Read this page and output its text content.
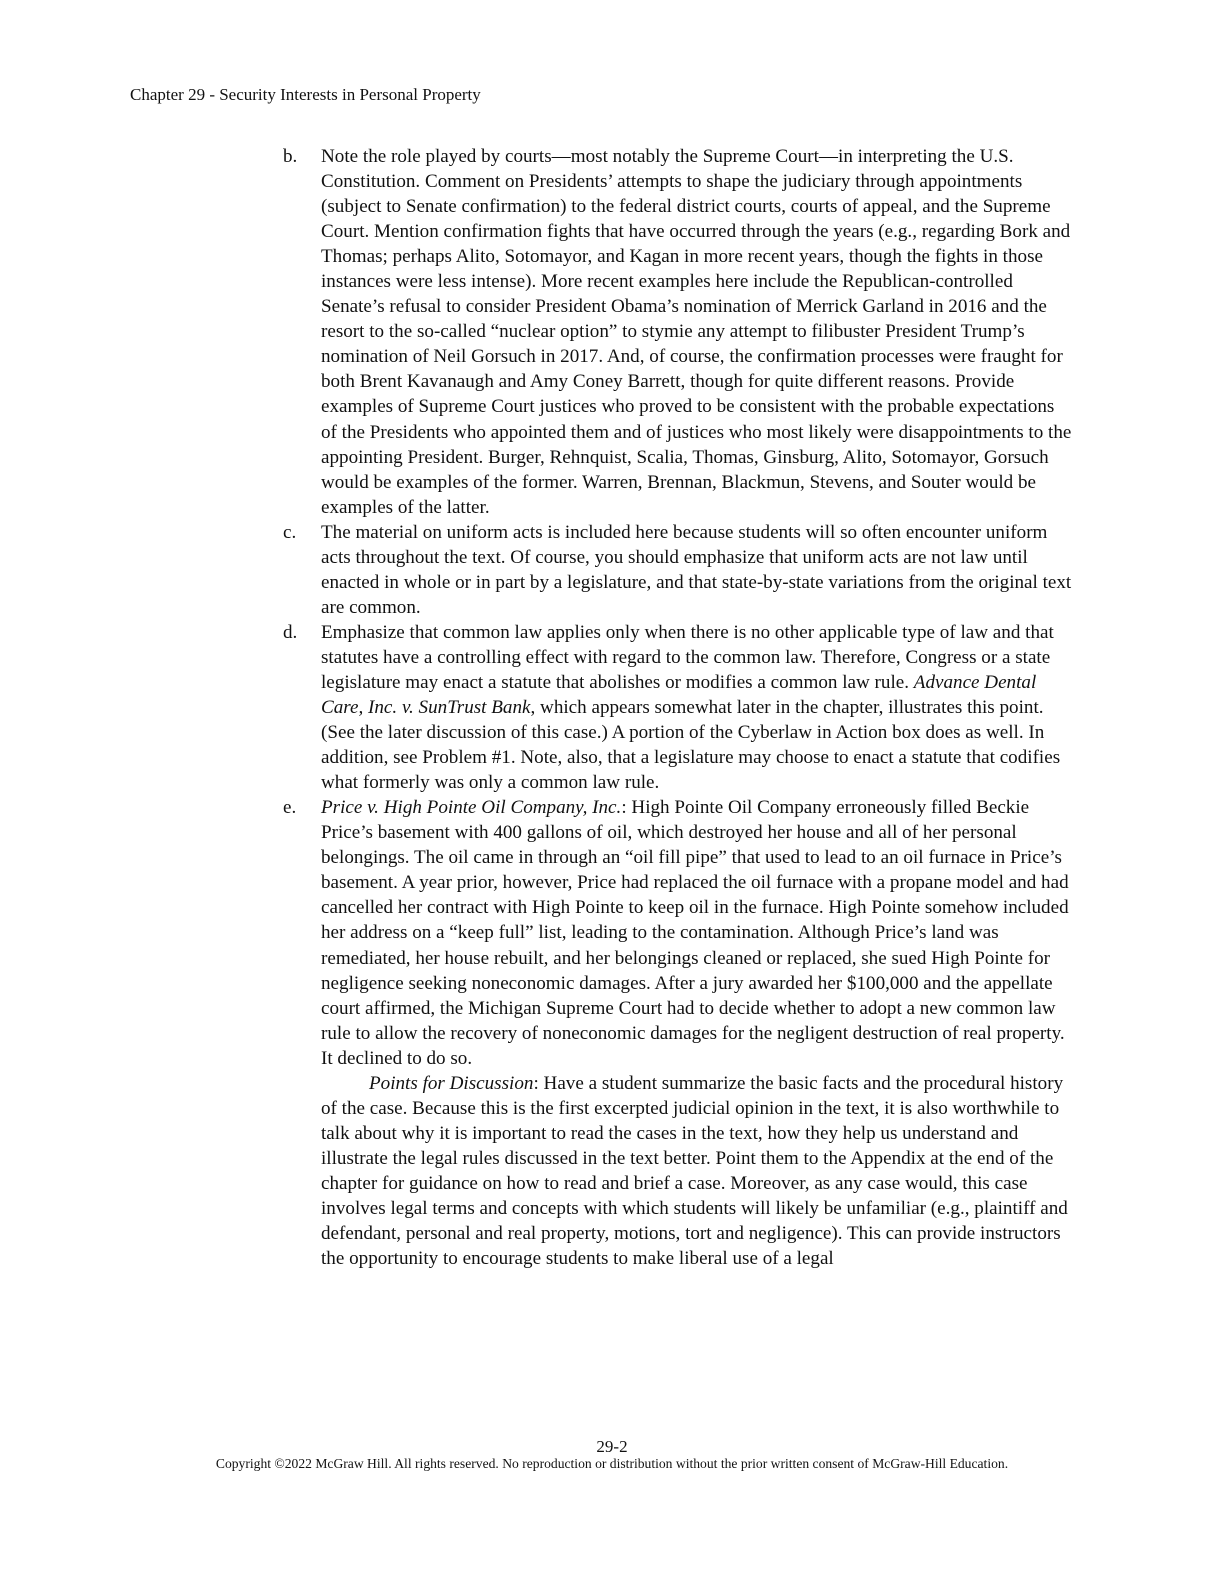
Chapter 29 - Security Interests in Personal Property
b. Note the role played by courts—most notably the Supreme Court—in interpreting the U.S. Constitution. Comment on Presidents’ attempts to shape the judiciary through appointments (subject to Senate confirmation) to the federal district courts, courts of appeal, and the Supreme Court. Mention confirmation fights that have occurred through the years (e.g., regarding Bork and Thomas; perhaps Alito, Sotomayor, and Kagan in more recent years, though the fights in those instances were less intense). More recent examples here include the Republican-controlled Senate’s refusal to consider President Obama’s nomination of Merrick Garland in 2016 and the resort to the so-called “nuclear option” to stymie any attempt to filibuster President Trump’s nomination of Neil Gorsuch in 2017. And, of course, the confirmation processes were fraught for both Brent Kavanaugh and Amy Coney Barrett, though for quite different reasons. Provide examples of Supreme Court justices who proved to be consistent with the probable expectations of the Presidents who appointed them and of justices who most likely were disappointments to the appointing President. Burger, Rehnquist, Scalia, Thomas, Ginsburg, Alito, Sotomayor, Gorsuch would be examples of the former. Warren, Brennan, Blackmun, Stevens, and Souter would be examples of the latter.

c. The material on uniform acts is included here because students will so often encounter uniform acts throughout the text. Of course, you should emphasize that uniform acts are not law until enacted in whole or in part by a legislature, and that state-by-state variations from the original text are common.

d. Emphasize that common law applies only when there is no other applicable type of law and that statutes have a controlling effect with regard to the common law. Therefore, Congress or a state legislature may enact a statute that abolishes or modifies a common law rule. Advance Dental Care, Inc. v. SunTrust Bank, which appears somewhat later in the chapter, illustrates this point. (See the later discussion of this case.) A portion of the Cyberlaw in Action box does as well. In addition, see Problem #1. Note, also, that a legislature may choose to enact a statute that codifies what formerly was only a common law rule.

e. Price v. High Pointe Oil Company, Inc.: High Pointe Oil Company erroneously filled Beckie Price’s basement with 400 gallons of oil, which destroyed her house and all of her personal belongings. The oil came in through an “oil fill pipe” that used to lead to an oil furnace in Price’s basement. A year prior, however, Price had replaced the oil furnace with a propane model and had cancelled her contract with High Pointe to keep oil in the furnace. High Pointe somehow included her address on a “keep full” list, leading to the contamination. Although Price’s land was remediated, her house rebuilt, and her belongings cleaned or replaced, she sued High Pointe for negligence seeking noneconomic damages. After a jury awarded her $100,000 and the appellate court affirmed, the Michigan Supreme Court had to decide whether to adopt a new common law rule to allow the recovery of noneconomic damages for the negligent destruction of real property. It declined to do so.

Points for Discussion: Have a student summarize the basic facts and the procedural history of the case. Because this is the first excerpted judicial opinion in the text, it is also worthwhile to talk about why it is important to read the cases in the text, how they help us understand and illustrate the legal rules discussed in the text better. Point them to the Appendix at the end of the chapter for guidance on how to read and brief a case. Moreover, as any case would, this case involves legal terms and concepts with which students will likely be unfamiliar (e.g., plaintiff and defendant, personal and real property, motions, tort and negligence). This can provide instructors the opportunity to encourage students to make liberal use of a legal

29-2
Copyright ©2022 McGraw Hill. All rights reserved. No reproduction or distribution without the prior written consent of McGraw-Hill Education.
